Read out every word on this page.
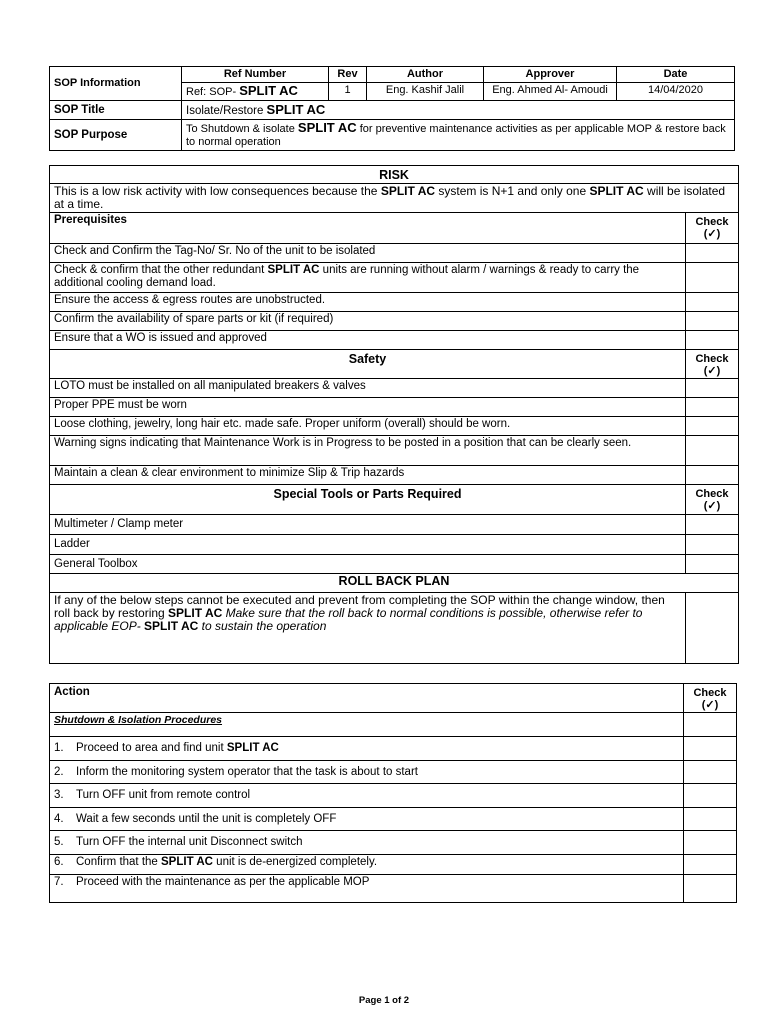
SOP Information	Ref Number	Rev	Author	Approver	Date
	Ref: SOP- SPLIT AC	1	Eng. Kashif Jalil	Eng. Ahmed Al- Amoudi	14/04/2020
SOP Title	Isolate/Restore SPLIT AC				
SOP Purpose	To Shutdown & isolate SPLIT AC for preventive maintenance activities as per applicable MOP & restore back to normal operation				
RISK	
This is a low risk activity with low consequences because the SPLIT AC system is N+1 and only one SPLIT AC will be isolated at a time.	
Prerequisites	Check
(✓)
Check and Confirm the Tag-No/ Sr. No of the unit to be isolated	
Check & confirm that the other redundant SPLIT AC units are running without alarm / warnings & ready to carry the additional cooling demand load.	
Ensure the access & egress routes are unobstructed.	
Confirm the availability of spare parts or kit (if required)	
Ensure that a WO is issued and approved	
Safety	Check
(✓)
LOTO must be installed on all manipulated breakers & valves	
Proper PPE must be worn	
Loose clothing, jewelry, long hair etc. made safe. Proper uniform (overall) should be worn.	
Warning signs indicating that Maintenance Work is in Progress to be posted in a position that can be clearly seen.	
Maintain a clean & clear environment to minimize Slip & Trip hazards	
Special Tools or Parts Required	Check
(✓)
Multimeter / Clamp meter	
Ladder	
General Toolbox	
ROLL BACK PLAN	
If any of the below steps cannot be executed and prevent from completing the SOP within the change window, then roll back by restoring SPLIT AC Make sure that the roll back to normal conditions is possible, otherwise refer to applicable EOP- SPLIT AC to sustain the operation	
Action	Check
(✓)
Shutdown & Isolation Procedures	
1. Proceed to area and find unit SPLIT AC	
2. Inform the monitoring system operator that the task is about to start	
3. Turn OFF unit from remote control	
4. Wait a few seconds until the unit is completely OFF	
5. Turn OFF the internal unit Disconnect switch	
6. Confirm that the SPLIT AC unit is de-energized completely.	
7. Proceed with the maintenance as per the applicable MOP	
Page 1 of 2
